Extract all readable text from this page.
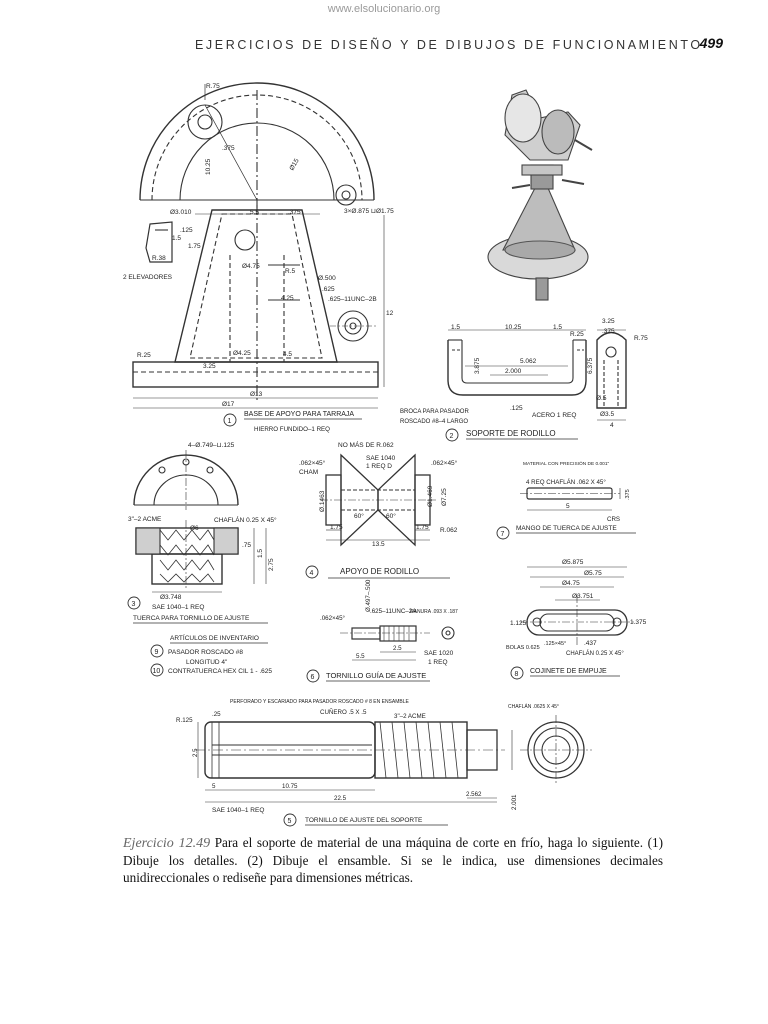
www.elsolucionario.org
EJERCICIOS DE DISEÑO Y DE DIBUJOS DE FUNCIONAMIENTO
499
R.75
.375
10.25	Ø15
Ø3.010	5.5	.375	3×Ø.875 ⊔Ø1.75
.125
1.5
1.75
R.38
2 ELEVADORES
Ø4.75
R.5
Ø.500
.625
.625–11UNC–2B
4.25
12
R.25	Ø4.25
3.25
4.5
Ø13
Ø17
1
BASE DE APOYO PARA TARRAJA
HIERRO FUNDIDO–1 REQ
1.5	10.25	1.5
R.25
3.25
.375
R.75
5.062
2.000	6.375
3.875
Ø.5
Ø3.5
4
.125
BROCA PARA PASADOR
ROSCADO #8–4 LARGO
ACERO 1 REQ
2 SOPORTE DE RODILLO
4–Ø.749–⊔.125
3"–2 ACME	CHAFLÁN 0.25 X 45°
Ø6
.75
1.5
2.75
Ø3.748
3	SAE 1040–1 REQ
TUERCA PARA TORNILLO DE AJUSTE
ARTÍCULOS DE INVENTARIO
9 PASADOR ROSCADO #8
LONGITUD 4"
10 CONTRATUERCA HEX CIL 1 - .625
NO MÁS DE R.062
.062×45°
CHAM
.062×45°
Ø.1463
60°	60°
Ø1.469 Ø7.25
1.75
13.5
1.75 R.062
SAE 1040
1 REQ D
4	APOYO DE RODILLO
Ø.497–.500
.062×45°
.625–11UNC–2A
RANURA .093 X .187
2.5
5.5	SAE 1020
1 REQ
6 TORNILLO GUÍA DE AJUSTE
MATERIAL CON PRECISIÓN DE 0.001"
4 REQ CHAFLÁN .062 X 45°
5
.375
CRS
7
MANGO DE TUERCA DE AJUSTE
Ø5.875
Ø5.75
Ø4.75
Ø3.751
1.125
.125×45°	.437
1.375
BOLAS 0.625
CHAFLÁN 0.25 X 45°
8 COJINETE DE EMPUJE
PERFORADO Y ESCARIADO PARA PASADOR ROSCADO # 8 EN ENSAMBLE
.25
CHAFLÁN .0625 X 45°
CUÑERO .5 X .5
3"–2 ACME
R.125
2.5
5	10.75
22.5
2.562
2.001
SAE 1040–1 REQ
5 TORNILLO DE AJUSTE DEL SOPORTE
Ejercicio 12.49 Para el soporte de material de una máquina de corte en frío, haga lo siguiente. (1) Dibuje los detalles. (2) Dibuje el ensamble. Si se le indica, use dimensiones decimales unidireccionales o rediseñe para dimensiones métricas.
